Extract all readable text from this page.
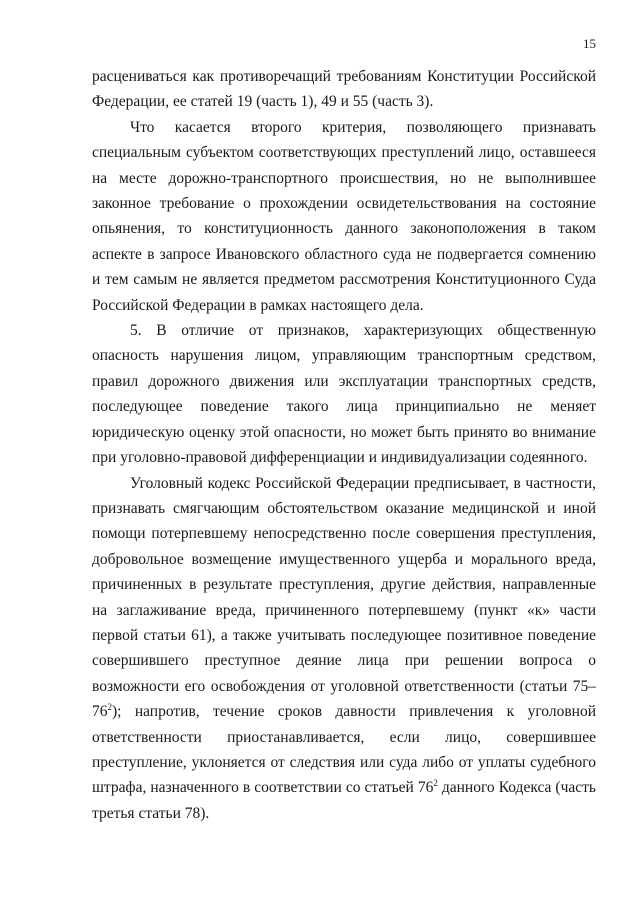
15

расцениваться как противоречащий требованиям Конституции Российской Федерации, ее статей 19 (часть 1), 49 и 55 (часть 3).

Что касается второго критерия, позволяющего признавать специальным субъектом соответствующих преступлений лицо, оставшееся на месте дорожно-транспортного происшествия, но не выполнившее законное требование о прохождении освидетельствования на состояние опьянения, то конституционность данного законоположения в таком аспекте в запросе Ивановского областного суда не подвергается сомнению и тем самым не является предметом рассмотрения Конституционного Суда Российской Федерации в рамках настоящего дела.

5. В отличие от признаков, характеризующих общественную опасность нарушения лицом, управляющим транспортным средством, правил дорожного движения или эксплуатации транспортных средств, последующее поведение такого лица принципиально не меняет юридическую оценку этой опасности, но может быть принято во внимание при уголовно-правовой дифференциации и индивидуализации содеянного.

Уголовный кодекс Российской Федерации предписывает, в частности, признавать смягчающим обстоятельством оказание медицинской и иной помощи потерпевшему непосредственно после совершения преступления, добровольное возмещение имущественного ущерба и морального вреда, причиненных в результате преступления, другие действия, направленные на заглаживание вреда, причиненного потерпевшему (пункт «к» части первой статьи 61), а также учитывать последующее позитивное поведение совершившего преступное деяние лица при решении вопроса о возможности его освобождения от уголовной ответственности (статьи $75-76^2$); напротив, течение сроков давности привлечения к уголовной ответственности приостанавливается, если лицо, совершившее преступление, уклоняется от следствия или суда либо от уплаты судебного штрафа, назначенного в соответствии со статьей $76^2$ данного Кодекса (часть третья статьи 78).
